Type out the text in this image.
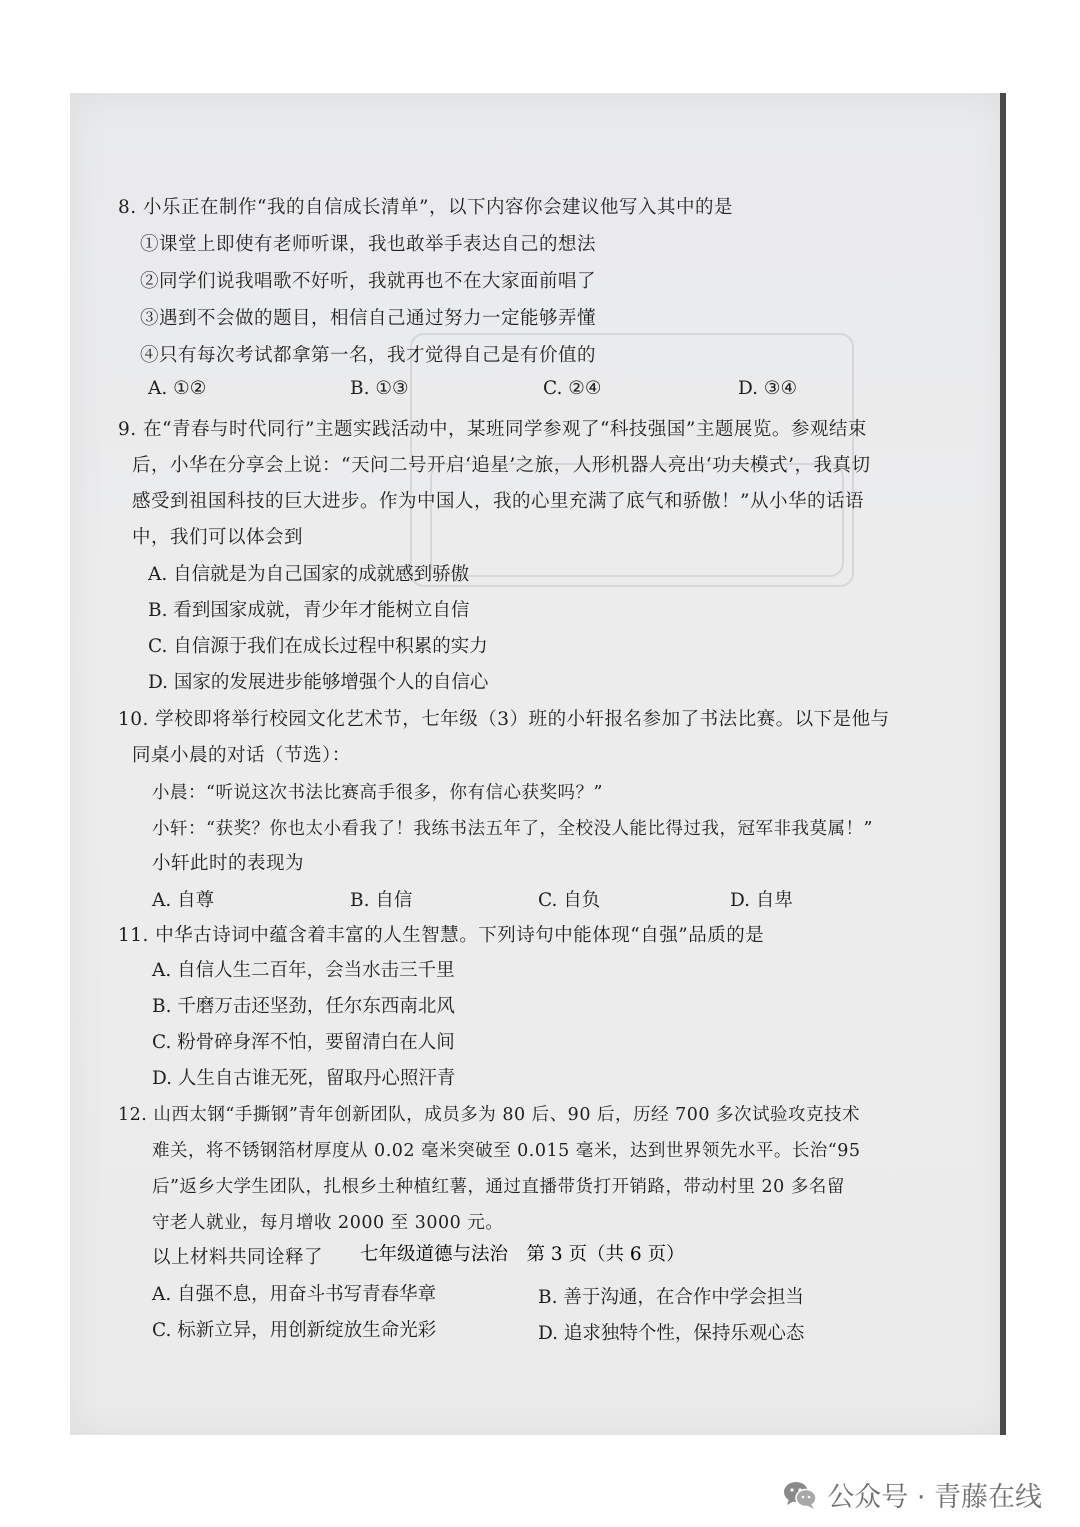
8. 小乐正在制作“我的自信成长清单”，以下内容你会建议他写入其中的是
①课堂上即使有老师听课，我也敢举手表达自己的想法
②同学们说我唱歌不好听，我就再也不在大家面前唱了
③遇到不会做的题目，相信自己通过努力一定能够弄懂
④只有每次考试都拿第一名，我才觉得自己是有价值的
A. ①②	B. ①③	C. ②④	D. ③④
9. 在“青春与时代同行”主题实践活动中，某班同学参观了“科技强国”主题展览。参观结束
后，小华在分享会上说：“天问二号开启‘追星’之旅，人形机器人亮出‘功夫模式’，我真切
感受到祖国科技的巨大进步。作为中国人，我的心里充满了底气和骄傲！”从小华的话语
中，我们可以体会到
A. 自信就是为自己国家的成就感到骄傲
B. 看到国家成就，青少年才能树立自信
C. 自信源于我们在成长过程中积累的实力
D. 国家的发展进步能够增强个人的自信心
10. 学校即将举行校园文化艺术节，七年级（3）班的小轩报名参加了书法比赛。以下是他与
同桌小晨的对话（节选）：
小晨：“听说这次书法比赛高手很多，你有信心获奖吗？”
小轩：“获奖？你也太小看我了！我练书法五年了，全校没人能比得过我，冠军非我莫属！”
小轩此时的表现为
A. 自尊	B. 自信	C. 自负	D. 自卑
11. 中华古诗词中蕴含着丰富的人生智慧。下列诗句中能体现“自强”品质的是
A. 自信人生二百年，会当水击三千里
B. 千磨万击还坚劲，任尔东西南北风
C. 粉骨碎身浑不怕，要留清白在人间
D. 人生自古谁无死，留取丹心照汗青
12. 山西太钢“手撕钢”青年创新团队，成员多为 80 后、90 后，历经 700 多次试验攻克技术
难关，将不锈钢箔材厚度从 0.02 毫米突破至 0.015 毫米，达到世界领先水平。长治“95
后”返乡大学生团队，扎根乡土种植红薯，通过直播带货打开销路，带动村里 20 多名留
守老人就业，每月增收 2000 至 3000 元。
以上材料共同诠释了
A. 自强不息，用奋斗书写青春华章	B. 善于沟通，在合作中学会担当
C. 标新立异，用创新绽放生命光彩	D. 追求独特个性，保持乐观心态
七年级道德与法治　第 3 页（共 6 页）
公众号 · 青藤在线
